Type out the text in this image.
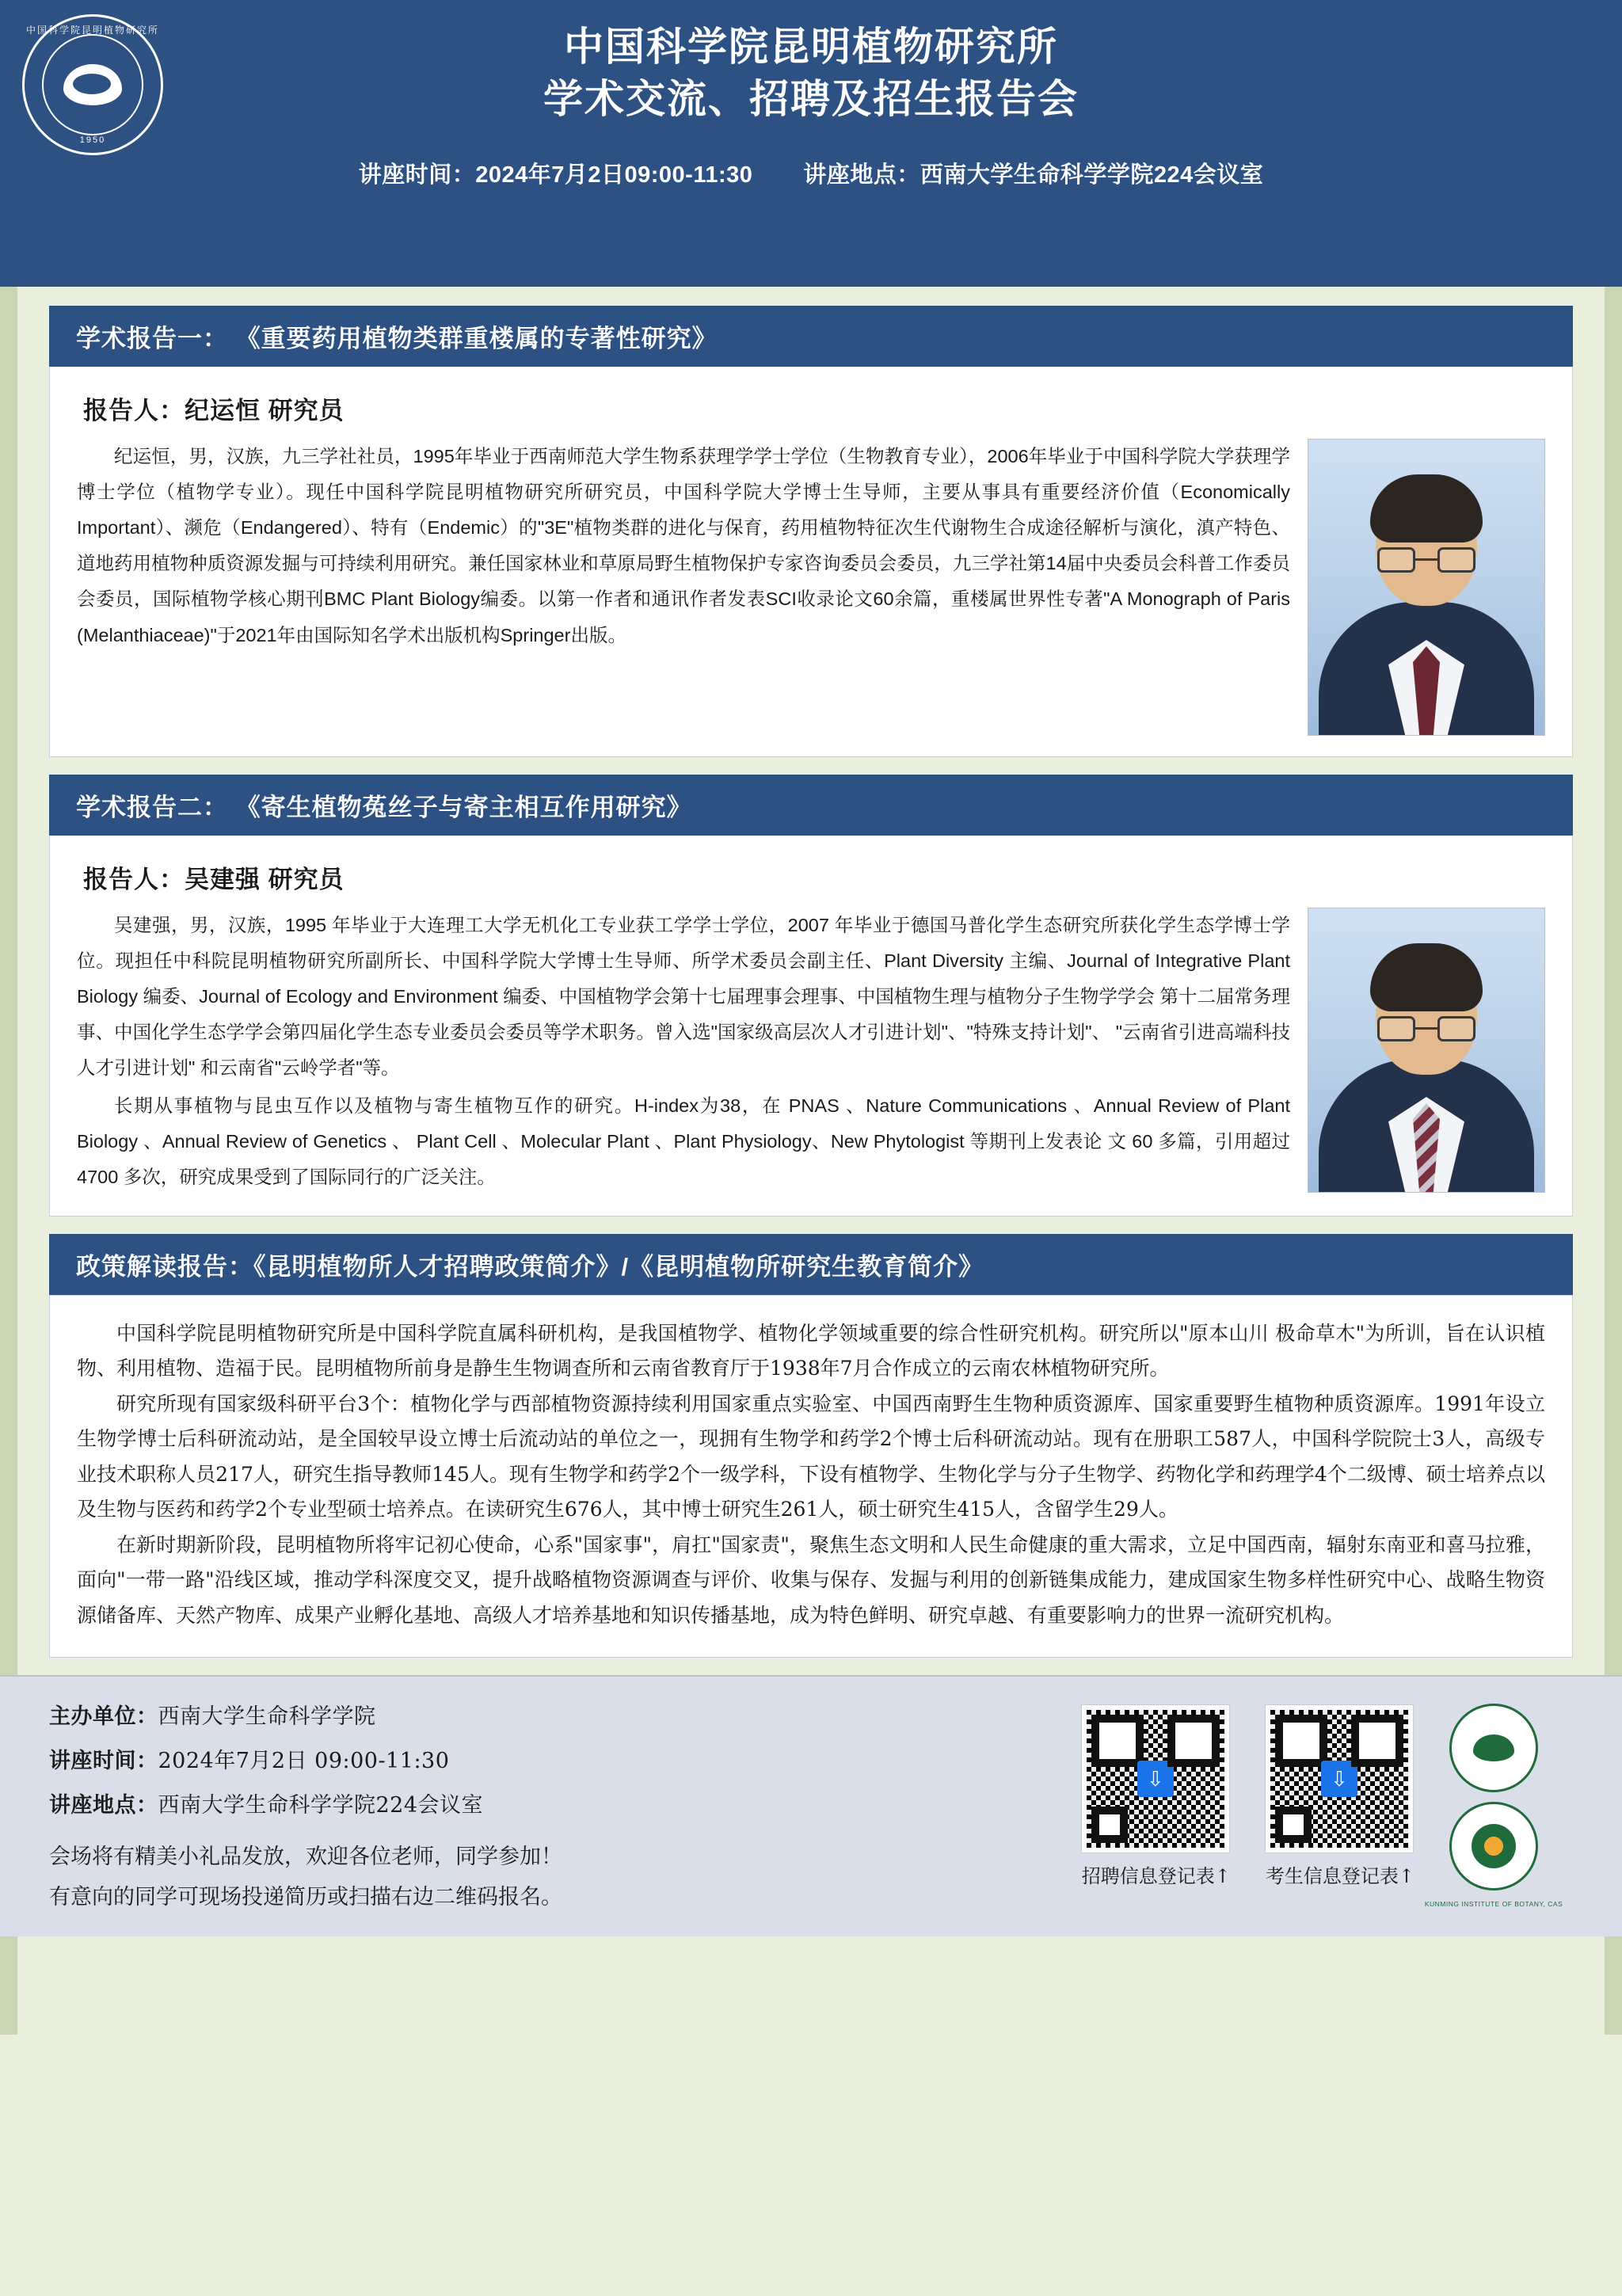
中国科学院昆明植物研究所
1950
中国科学院昆明植物研究所
学术交流、招聘及招生报告会
讲座时间：2024年7月2日09:00-11:30 讲座地点：西南大学生命科学学院224会议室
学术报告一： 《重要药用植物类群重楼属的专著性研究》
报告人：纪运恒 研究员

纪运恒，男，汉族，九三学社社员，1995年毕业于西南师范大学生物系获理学学士学位（生物教育专业），2006年毕业于中国科学院大学获理学博士学位（植物学专业）。现任中国科学院昆明植物研究所研究员，中国科学院大学博士生导师，主要从事具有重要经济价值（Economically Important）、濒危（Endangered）、特有（Endemic）的"3E"植物类群的进化与保育，药用植物特征次生代谢物生合成途径解析与演化，滇产特色、道地药用植物种质资源发掘与可持续利用研究。兼任国家林业和草原局野生植物保护专家咨询委员会委员，九三学社第14届中央委员会科普工作委员会委员，国际植物学核心期刊BMC Plant Biology编委。以第一作者和通讯作者发表SCI收录论文60余篇，重楼属世界性专著"A Monograph of Paris (Melanthiaceae)"于2021年由国际知名学术出版机构Springer出版。

学术报告二： 《寄生植物菟丝子与寄主相互作用研究》
报告人：吴建强 研究员

吴建强，男，汉族，1995 年毕业于大连理工大学无机化工专业获工学学士学位，2007 年毕业于德国马普化学生态研究所获化学生态学博士学位。现担任中科院昆明植物研究所副所长、中国科学院大学博士生导师、所学术委员会副主任、Plant Diversity 主编、Journal of Integrative Plant Biology 编委、Journal of Ecology and Environment 编委、中国植物学会第十七届理事会理事、中国植物生理与植物分子生物学学会 第十二届常务理事、中国化学生态学学会第四届化学生态专业委员会委员等学术职务。曾入选"国家级高层次人才引进计划"、"特殊支持计划"、 "云南省引进高端科技人才引进计划" 和云南省"云岭学者"等。

长期从事植物与昆虫互作以及植物与寄生植物互作的研究。H-index为38，在 PNAS 、Nature Communications 、Annual Review of Plant Biology 、Annual Review of Genetics 、 Plant Cell 、Molecular Plant 、Plant Physiology、New Phytologist 等期刊上发表论 文 60 多篇，引用超过 4700 多次，研究成果受到了国际同行的广泛关注。

政策解读报告：《昆明植物所人才招聘政策简介》/《昆明植物所研究生教育简介》

中国科学院昆明植物研究所是中国科学院直属科研机构，是我国植物学、植物化学领域重要的综合性研究机构。研究所以"原本山川 极命草木"为所训，旨在认识植物、利用植物、造福于民。昆明植物所前身是静生生物调查所和云南省教育厅于1938年7月合作成立的云南农林植物研究所。

研究所现有国家级科研平台3个：植物化学与西部植物资源持续利用国家重点实验室、中国西南野生生物种质资源库、国家重要野生植物种质资源库。1991年设立生物学博士后科研流动站，是全国较早设立博士后流动站的单位之一，现拥有生物学和药学2个博士后科研流动站。现有在册职工587人，中国科学院院士3人，高级专业技术职称人员217人，研究生指导教师145人。现有生物学和药学2个一级学科，下设有植物学、生物化学与分子生物学、药物化学和药理学4个二级博、硕士培养点以及生物与医药和药学2个专业型硕士培养点。在读研究生676人，其中博士研究生261人，硕士研究生415人，含留学生29人。

在新时期新阶段，昆明植物所将牢记初心使命，心系"国家事"，肩扛"国家责"，聚焦生态文明和人民生命健康的重大需求，立足中国西南，辐射东南亚和喜马拉雅，面向"一带一路"沿线区域，推动学科深度交叉，提升战略植物资源调查与评价、收集与保存、发掘与利用的创新链集成能力，建成国家生物多样性研究中心、战略生物资源储备库、天然产物库、成果产业孵化基地、高级人才培养基地和知识传播基地，成为特色鲜明、研究卓越、有重要影响力的世界一流研究机构。

主办单位：西南大学生命科学学院
讲座时间：2024年7月2日 09:00-11:30
讲座地点：西南大学生命科学学院224会议室
会场将有精美小礼品发放，欢迎各位老师，同学参加！
有意向的同学可现场投递简历或扫描右边二维码报名。
⇩
招聘信息登记表↑
⇩
考生信息登记表↑
KUNMING INSTITUTE OF BOTANY, CAS
